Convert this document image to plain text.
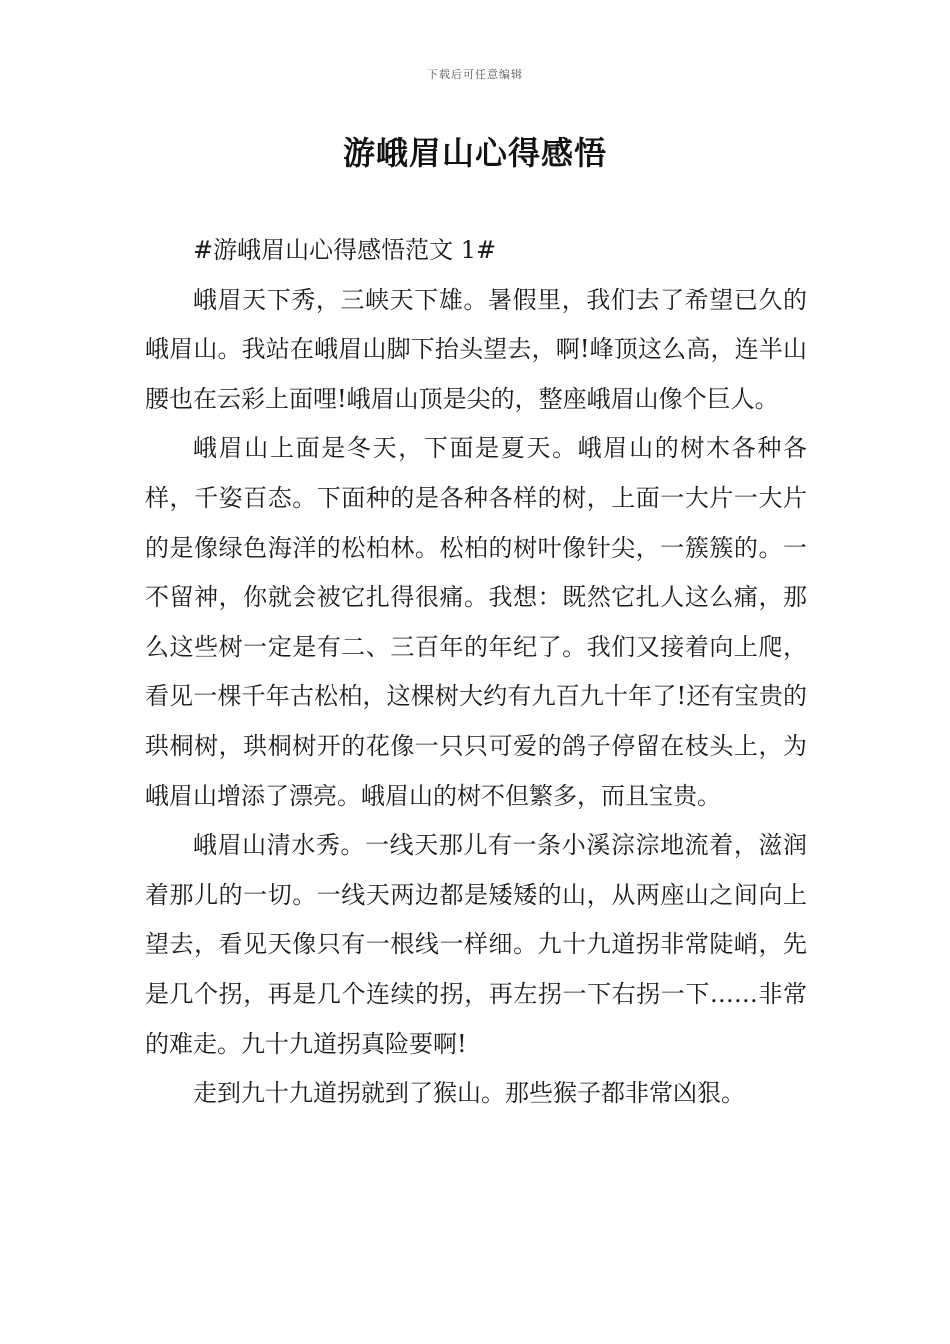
下载后可任意编辑
游峨眉山心得感悟

#游峨眉山心得感悟范文 1#

峨眉天下秀，三峡天下雄。暑假里，我们去了希望已久的峨眉山。我站在峨眉山脚下抬头望去，啊!峰顶这么高，连半山腰也在云彩上面哩!峨眉山顶是尖的，整座峨眉山像个巨人。

峨眉山上面是冬天，下面是夏天。峨眉山的树木各种各样，千姿百态。下面种的是各种各样的树，上面一大片一大片的是像绿色海洋的松柏林。松柏的树叶像针尖，一簇簇的。一不留神，你就会被它扎得很痛。我想：既然它扎人这么痛，那么这些树一定是有二、三百年的年纪了。我们又接着向上爬，看见一棵千年古松柏，这棵树大约有九百九十年了!还有宝贵的珙桐树，珙桐树开的花像一只只可爱的鸽子停留在枝头上，为峨眉山增添了漂亮。峨眉山的树不但繁多，而且宝贵。

峨眉山清水秀。一线天那儿有一条小溪淙淙地流着，滋润着那儿的一切。一线天两边都是矮矮的山，从两座山之间向上望去，看见天像只有一根线一样细。九十九道拐非常陡峭，先是几个拐，再是几个连续的拐，再左拐一下右拐一下……非常的难走。九十九道拐真险要啊!

走到九十九道拐就到了猴山。那些猴子都非常凶狠。
